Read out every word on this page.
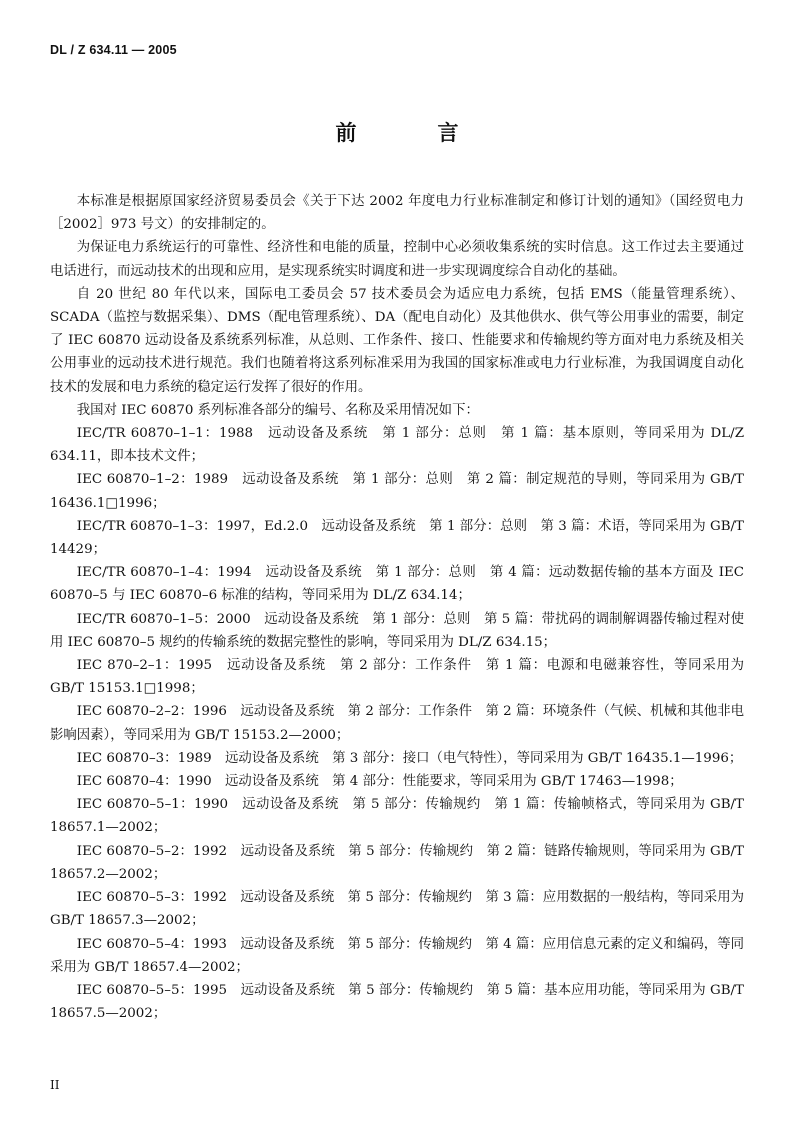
DL / Z 634.11 — 2005
前　言

本标准是根据原国家经济贸易委员会《关于下达 2002 年度电力行业标准制定和修订计划的通知》（国经贸电力［2002］973 号文）的安排制定的。

为保证电力系统运行的可靠性、经济性和电能的质量，控制中心必须收集系统的实时信息。这工作过去主要通过电话进行，而远动技术的出现和应用，是实现系统实时调度和进一步实现调度综合自动化的基础。

自 20 世纪 80 年代以来，国际电工委员会 57 技术委员会为适应电力系统，包括 EMS（能量管理系统）、SCADA（监控与数据采集）、DMS（配电管理系统）、DA（配电自动化）及其他供水、供气等公用事业的需要，制定了 IEC 60870 远动设备及系统系列标准，从总则、工作条件、接口、性能要求和传输规约等方面对电力系统及相关公用事业的远动技术进行规范。我们也随着将这系列标准采用为我国的国家标准或电力行业标准，为我国调度自动化技术的发展和电力系统的稳定运行发挥了很好的作用。

我国对 IEC 60870 系列标准各部分的编号、名称及采用情况如下：

IEC/TR 60870–1–1：1988　远动设备及系统　第 1 部分：总则　第 1 篇：基本原则，等同采用为 DL/Z 634.11，即本技术文件；

IEC 60870–1–2：1989　远动设备及系统　第 1 部分：总则　第 2 篇：制定规范的导则，等同采用为 GB/T 16436.1□1996；

IEC/TR 60870–1–3：1997，Ed.2.0　远动设备及系统　第 1 部分：总则　第 3 篇：术语，等同采用为 GB/T 14429；

IEC/TR 60870–1–4：1994　远动设备及系统　第 1 部分：总则　第 4 篇：远动数据传输的基本方面及 IEC 60870–5 与 IEC 60870–6 标准的结构，等同采用为 DL/Z 634.14；

IEC/TR 60870–1–5：2000　远动设备及系统　第 1 部分：总则　第 5 篇：带扰码的调制解调器传输过程对使用 IEC 60870–5 规约的传输系统的数据完整性的影响，等同采用为 DL/Z 634.15；

IEC 870–2–1：1995　远动设备及系统　第 2 部分：工作条件　第 1 篇：电源和电磁兼容性，等同采用为 GB/T 15153.1□1998；

IEC 60870–2–2：1996　远动设备及系统　第 2 部分：工作条件　第 2 篇：环境条件（气候、机械和其他非电影响因素），等同采用为 GB/T 15153.2—2000；

IEC 60870–3：1989　远动设备及系统　第 3 部分：接口（电气特性），等同采用为 GB/T 16435.1—1996；

IEC 60870–4：1990　远动设备及系统　第 4 部分：性能要求，等同采用为 GB/T 17463—1998；

IEC 60870–5–1：1990　远动设备及系统　第 5 部分：传输规约　第 1 篇：传输帧格式，等同采用为 GB/T 18657.1—2002；

IEC 60870–5–2：1992　远动设备及系统　第 5 部分：传输规约　第 2 篇：链路传输规则，等同采用为 GB/T 18657.2—2002；

IEC 60870–5–3：1992　远动设备及系统　第 5 部分：传输规约　第 3 篇：应用数据的一般结构，等同采用为 GB/T 18657.3—2002；

IEC 60870–5–4：1993　远动设备及系统　第 5 部分：传输规约　第 4 篇：应用信息元素的定义和编码，等同采用为 GB/T 18657.4—2002；

IEC 60870–5–5：1995　远动设备及系统　第 5 部分：传输规约　第 5 篇：基本应用功能，等同采用为 GB/T 18657.5—2002；

II
